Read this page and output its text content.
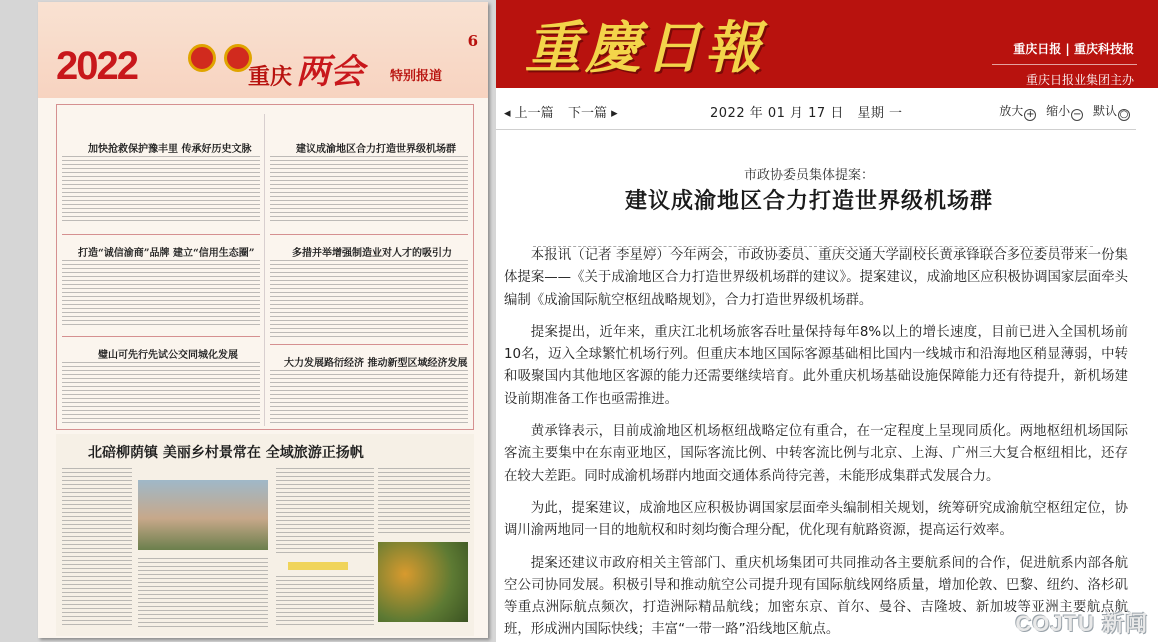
重慶日報	重庆日报 | 重庆科技报
重庆日报业集团主办
2022	重庆 两会 特别报道
6
加快抢救保护豫丰里 传承好历史文脉
打造“诚信渝商”品牌 建立“信用生态圈”
璧山可先行先试公交同城化发展
建议成渝地区合力打造世界级机场群
多措并举增强制造业对人才的吸引力
大力发展路衍经济 推动新型区域经济发展
北碚柳荫镇 美丽乡村景常在 全域旅游正扬帆
◂ 上一篇 下一篇 ▸	2022 年 01 月 17 日　星期 一	放大 + 缩小 − 默认 ○
市政协委员集体提案：
建议成渝地区合力打造世界级机场群

本报讯（记者 李星婷）今年两会，市政协委员、重庆交通大学副校长黄承锋联合多位委员带来一份集体提案——《关于成渝地区合力打造世界级机场群的建议》。提案建议，成渝地区应积极协调国家层面牵头编制《成渝国际航空枢纽战略规划》，合力打造世界级机场群。

提案提出，近年来，重庆江北机场旅客吞吐量保持每年8%以上的增长速度，目前已进入全国机场前10名，迈入全球繁忙机场行列。但重庆本地区国际客源基础相比国内一线城市和沿海地区稍显薄弱，中转和吸聚国内其他地区客源的能力还需要继续培育。此外重庆机场基础设施保障能力还有待提升，新机场建设前期准备工作也亟需推进。

黄承锋表示，目前成渝地区机场枢纽战略定位有重合，在一定程度上呈现同质化。两地枢纽机场国际客流主要集中在东南亚地区，国际客流比例、中转客流比例与北京、上海、广州三大复合枢纽相比，还存在较大差距。同时成渝机场群内地面交通体系尚待完善，未能形成集群式发展合力。

为此，提案建议，成渝地区应积极协调国家层面牵头编制相关规划，统筹研究成渝航空枢纽定位，协调川渝两地同一目的地航权和时刻均衡合理分配，优化现有航路资源，提高运行效率。

提案还建议市政府相关主管部门、重庆机场集团可共同推动各主要航系间的合作，促进航系内部各航空公司协同发展。积极引导和推动航空公司提升现有国际航线网络质量，增加伦敦、巴黎、纽约、洛杉矶等重点洲际航点频次，打造洲际精品航线；加密东京、首尔、曼谷、吉隆坡、新加坡等亚洲主要航点航班，形成洲内国际快线；丰富“一带一路”沿线地区航点。	COJTU 新闻
